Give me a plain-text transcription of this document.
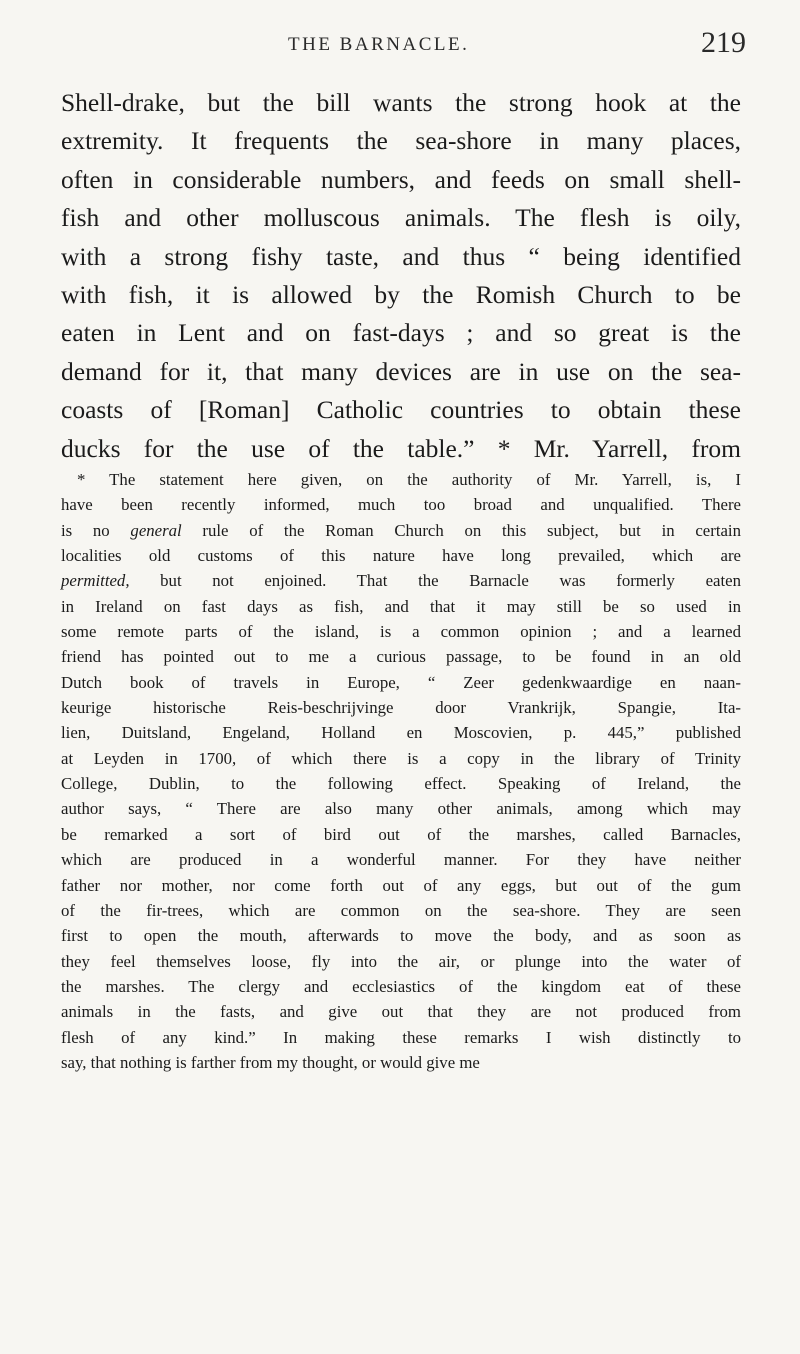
THE BARNACLE.	219
Shell-drake, but the bill wants the strong hook at the
extremity. It frequents the sea-shore in many places,
often in considerable numbers, and feeds on small shell-
fish and other molluscous animals. The flesh is oily,
with a strong fishy taste, and thus “ being identified
with fish, it is allowed by the Romish Church to be
eaten in Lent and on fast-days ; and so great is the
demand for it, that many devices are in use on the sea-
coasts of [Roman] Catholic countries to obtain these
ducks for the use of the table.” * Mr. Yarrell, from
* The statement here given, on the authority of Mr. Yarrell, is, I
have been recently informed, much too broad and unqualified. There
is no general rule of the Roman Church on this subject, but in certain
localities old customs of this nature have long prevailed, which are
permitted, but not enjoined. That the Barnacle was formerly eaten
in Ireland on fast days as fish, and that it may still be so used in
some remote parts of the island, is a common opinion ; and a learned
friend has pointed out to me a curious passage, to be found in an old
Dutch book of travels in Europe, “ Zeer gedenkwaardige en naan-
keurige historische Reis-beschrijvinge door Vrankrijk, Spangie, Ita-
lien, Duitsland, Engeland, Holland en Moscovien, p. 445,” published
at Leyden in 1700, of which there is a copy in the library of Trinity
College, Dublin, to the following effect. Speaking of Ireland, the
author says, “ There are also many other animals, among which may
be remarked a sort of bird out of the marshes, called Barnacles,
which are produced in a wonderful manner. For they have neither
father nor mother, nor come forth out of any eggs, but out of the gum
of the fir-trees, which are common on the sea-shore. They are seen
first to open the mouth, afterwards to move the body, and as soon as
they feel themselves loose, fly into the air, or plunge into the water of
the marshes. The clergy and ecclesiastics of the kingdom eat of these
animals in the fasts, and give out that they are not produced from
flesh of any kind.” In making these remarks I wish distinctly to
say, that nothing is farther from my thought, or would give me
